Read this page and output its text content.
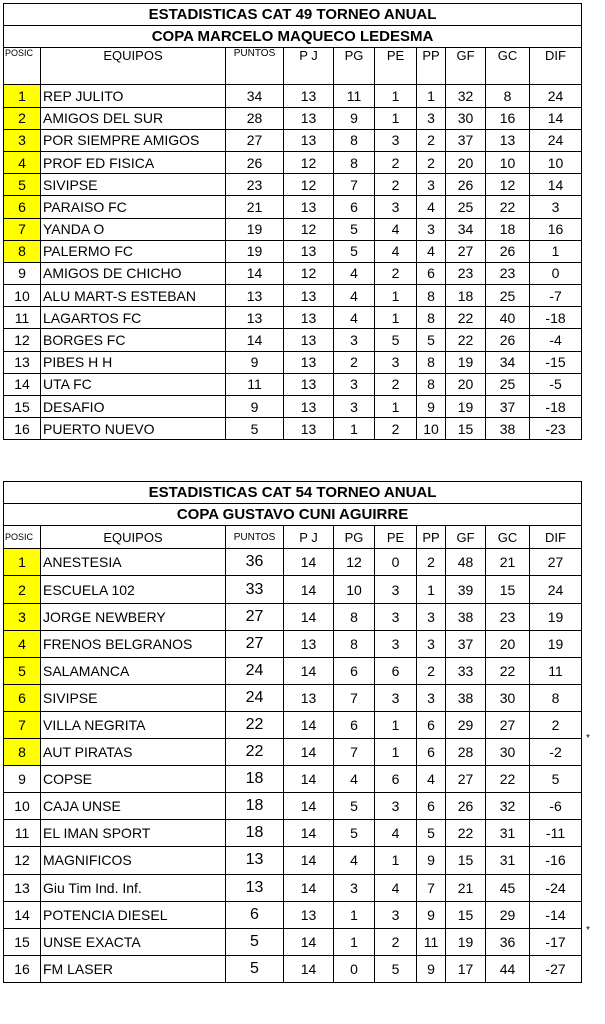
ESTADISTICAS CAT 49 TORNEO ANUAL									
COPA MARCELO MAQUECO LEDESMA									
POSIC	EQUIPOS	PUNTOS	P J	PG	PE	PP	GF	GC	DIF
1	REP JULITO	34	13	11	1	1	32	8	24
2	AMIGOS DEL SUR	28	13	9	1	3	30	16	14
3	POR SIEMPRE AMIGOS	27	13	8	3	2	37	13	24
4	PROF ED FISICA	26	12	8	2	2	20	10	10
5	SIVIPSE	23	12	7	2	3	26	12	14
6	PARAISO FC	21	13	6	3	4	25	22	3
7	YANDA O	19	12	5	4	3	34	18	16
8	PALERMO FC	19	13	5	4	4	27	26	1
9	AMIGOS DE CHICHO	14	12	4	2	6	23	23	0
10	ALU MART-S ESTEBAN	13	13	4	1	8	18	25	-7
11	LAGARTOS FC	13	13	4	1	8	22	40	-18
12	BORGES FC	14	13	3	5	5	22	26	-4
13	PIBES H H	9	13	2	3	8	19	34	-15
14	UTA FC	11	13	3	2	8	20	25	-5
15	DESAFIO	9	13	3	1	9	19	37	-18
16	PUERTO NUEVO	5	13	1	2	10	15	38	-23
ESTADISTICAS CAT 54 TORNEO ANUAL									
COPA GUSTAVO CUNI AGUIRRE									
POSIC	EQUIPOS	PUNTOS	P J	PG	PE	PP	GF	GC	DIF
1	ANESTESIA	36	14	12	0	2	48	21	27
2	ESCUELA 102	33	14	10	3	1	39	15	24
3	JORGE NEWBERY	27	14	8	3	3	38	23	19
4	FRENOS BELGRANOS	27	13	8	3	3	37	20	19
5	SALAMANCA	24	14	6	6	2	33	22	11
6	SIVIPSE	24	13	7	3	3	38	30	8
7	VILLA NEGRITA	22	14	6	1	6	29	27	2
8	AUT PIRATAS	22	14	7	1	6	28	30	-2
9	COPSE	18	14	4	6	4	27	22	5
10	CAJA UNSE	18	14	5	3	6	26	32	-6
11	EL IMAN SPORT	18	14	5	4	5	22	31	-11
12	MAGNIFICOS	13	14	4	1	9	15	31	-16
13	Giu Tim Ind. Inf.	13	14	3	4	7	21	45	-24
14	POTENCIA DIESEL	6	13	1	3	9	15	29	-14
15	UNSE EXACTA	5	14	1	2	11	19	36	-17
16	FM LASER	5	14	0	5	9	17	44	-27
*
*
